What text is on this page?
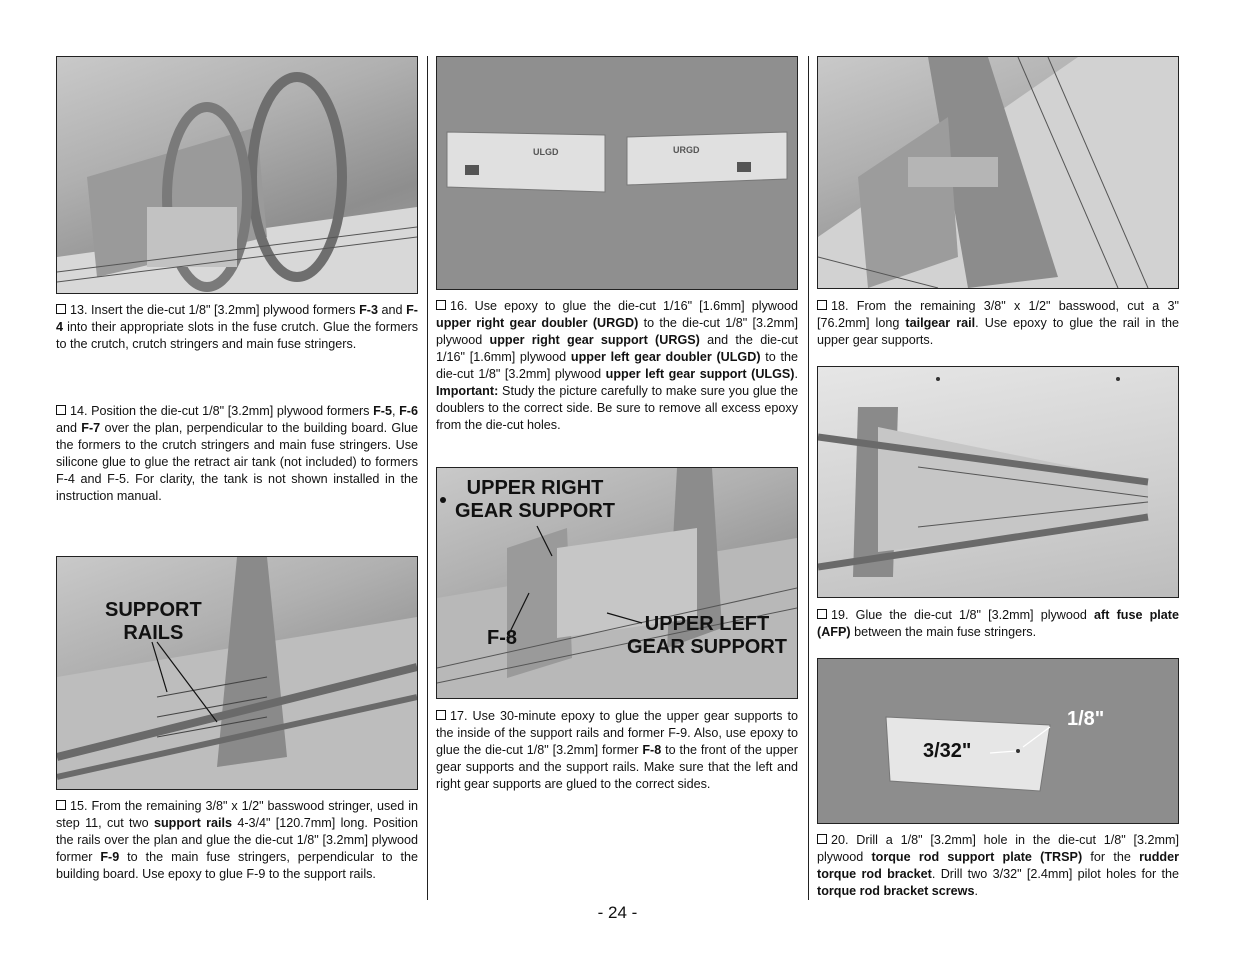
13. Insert the die-cut 1/8" [3.2mm] plywood formers F-3 and F-4 into their appropriate slots in the fuse crutch. Glue the formers to the crutch, crutch stringers and main fuse stringers.

14. Position the die-cut 1/8" [3.2mm] plywood formers F-5, F-6 and F-7 over the plan, perpendicular to the building board. Glue the formers to the crutch stringers and main fuse stringers. Use silicone glue to glue the retract air tank (not included) to formers F-4 and F-5. For clarity, the tank is not shown installed in the instruction manual.

SUPPORT
RAILS

15. From the remaining 3/8" x 1/2" basswood stringer, used in step 11, cut two support rails 4-3/4" [120.7mm] long. Position the rails over the plan and glue the die-cut 1/8" [3.2mm] plywood former F-9 to the main fuse stringers, perpendicular to the building board. Use epoxy to glue F-9 to the support rails.

ULGD	URGD

16. Use epoxy to glue the die-cut 1/16" [1.6mm] plywood upper right gear doubler (URGD) to the die-cut 1/8" [3.2mm] plywood upper right gear support (URGS) and the die-cut 1/16" [1.6mm] plywood upper left gear doubler (ULGD) to the die-cut 1/8" [3.2mm] plywood upper left gear support (ULGS). Important: Study the picture carefully to make sure you glue the doublers to the correct side. Be sure to remove all excess epoxy from the die-cut holes.

UPPER RIGHT
GEAR SUPPORT
F-8
UPPER LEFT
GEAR SUPPORT

17. Use 30-minute epoxy to glue the upper gear supports to the inside of the support rails and former F-9. Also, use epoxy to glue the die-cut 1/8" [3.2mm] former F-8 to the front of the upper gear supports and the support rails. Make sure that the left and right gear supports are glued to the correct sides.

18. From the remaining 3/8" x 1/2" basswood, cut a 3" [76.2mm] long tailgear rail. Use epoxy to glue the rail in the upper gear supports.

19. Glue the die-cut 1/8" [3.2mm] plywood aft fuse plate (AFP) between the main fuse stringers.

1/8"
3/32"

20. Drill a 1/8" [3.2mm] hole in the die-cut 1/8" [3.2mm] plywood torque rod support plate (TRSP) for the rudder torque rod bracket. Drill two 3/32" [2.4mm] pilot holes for the torque rod bracket screws.

- 24 -
